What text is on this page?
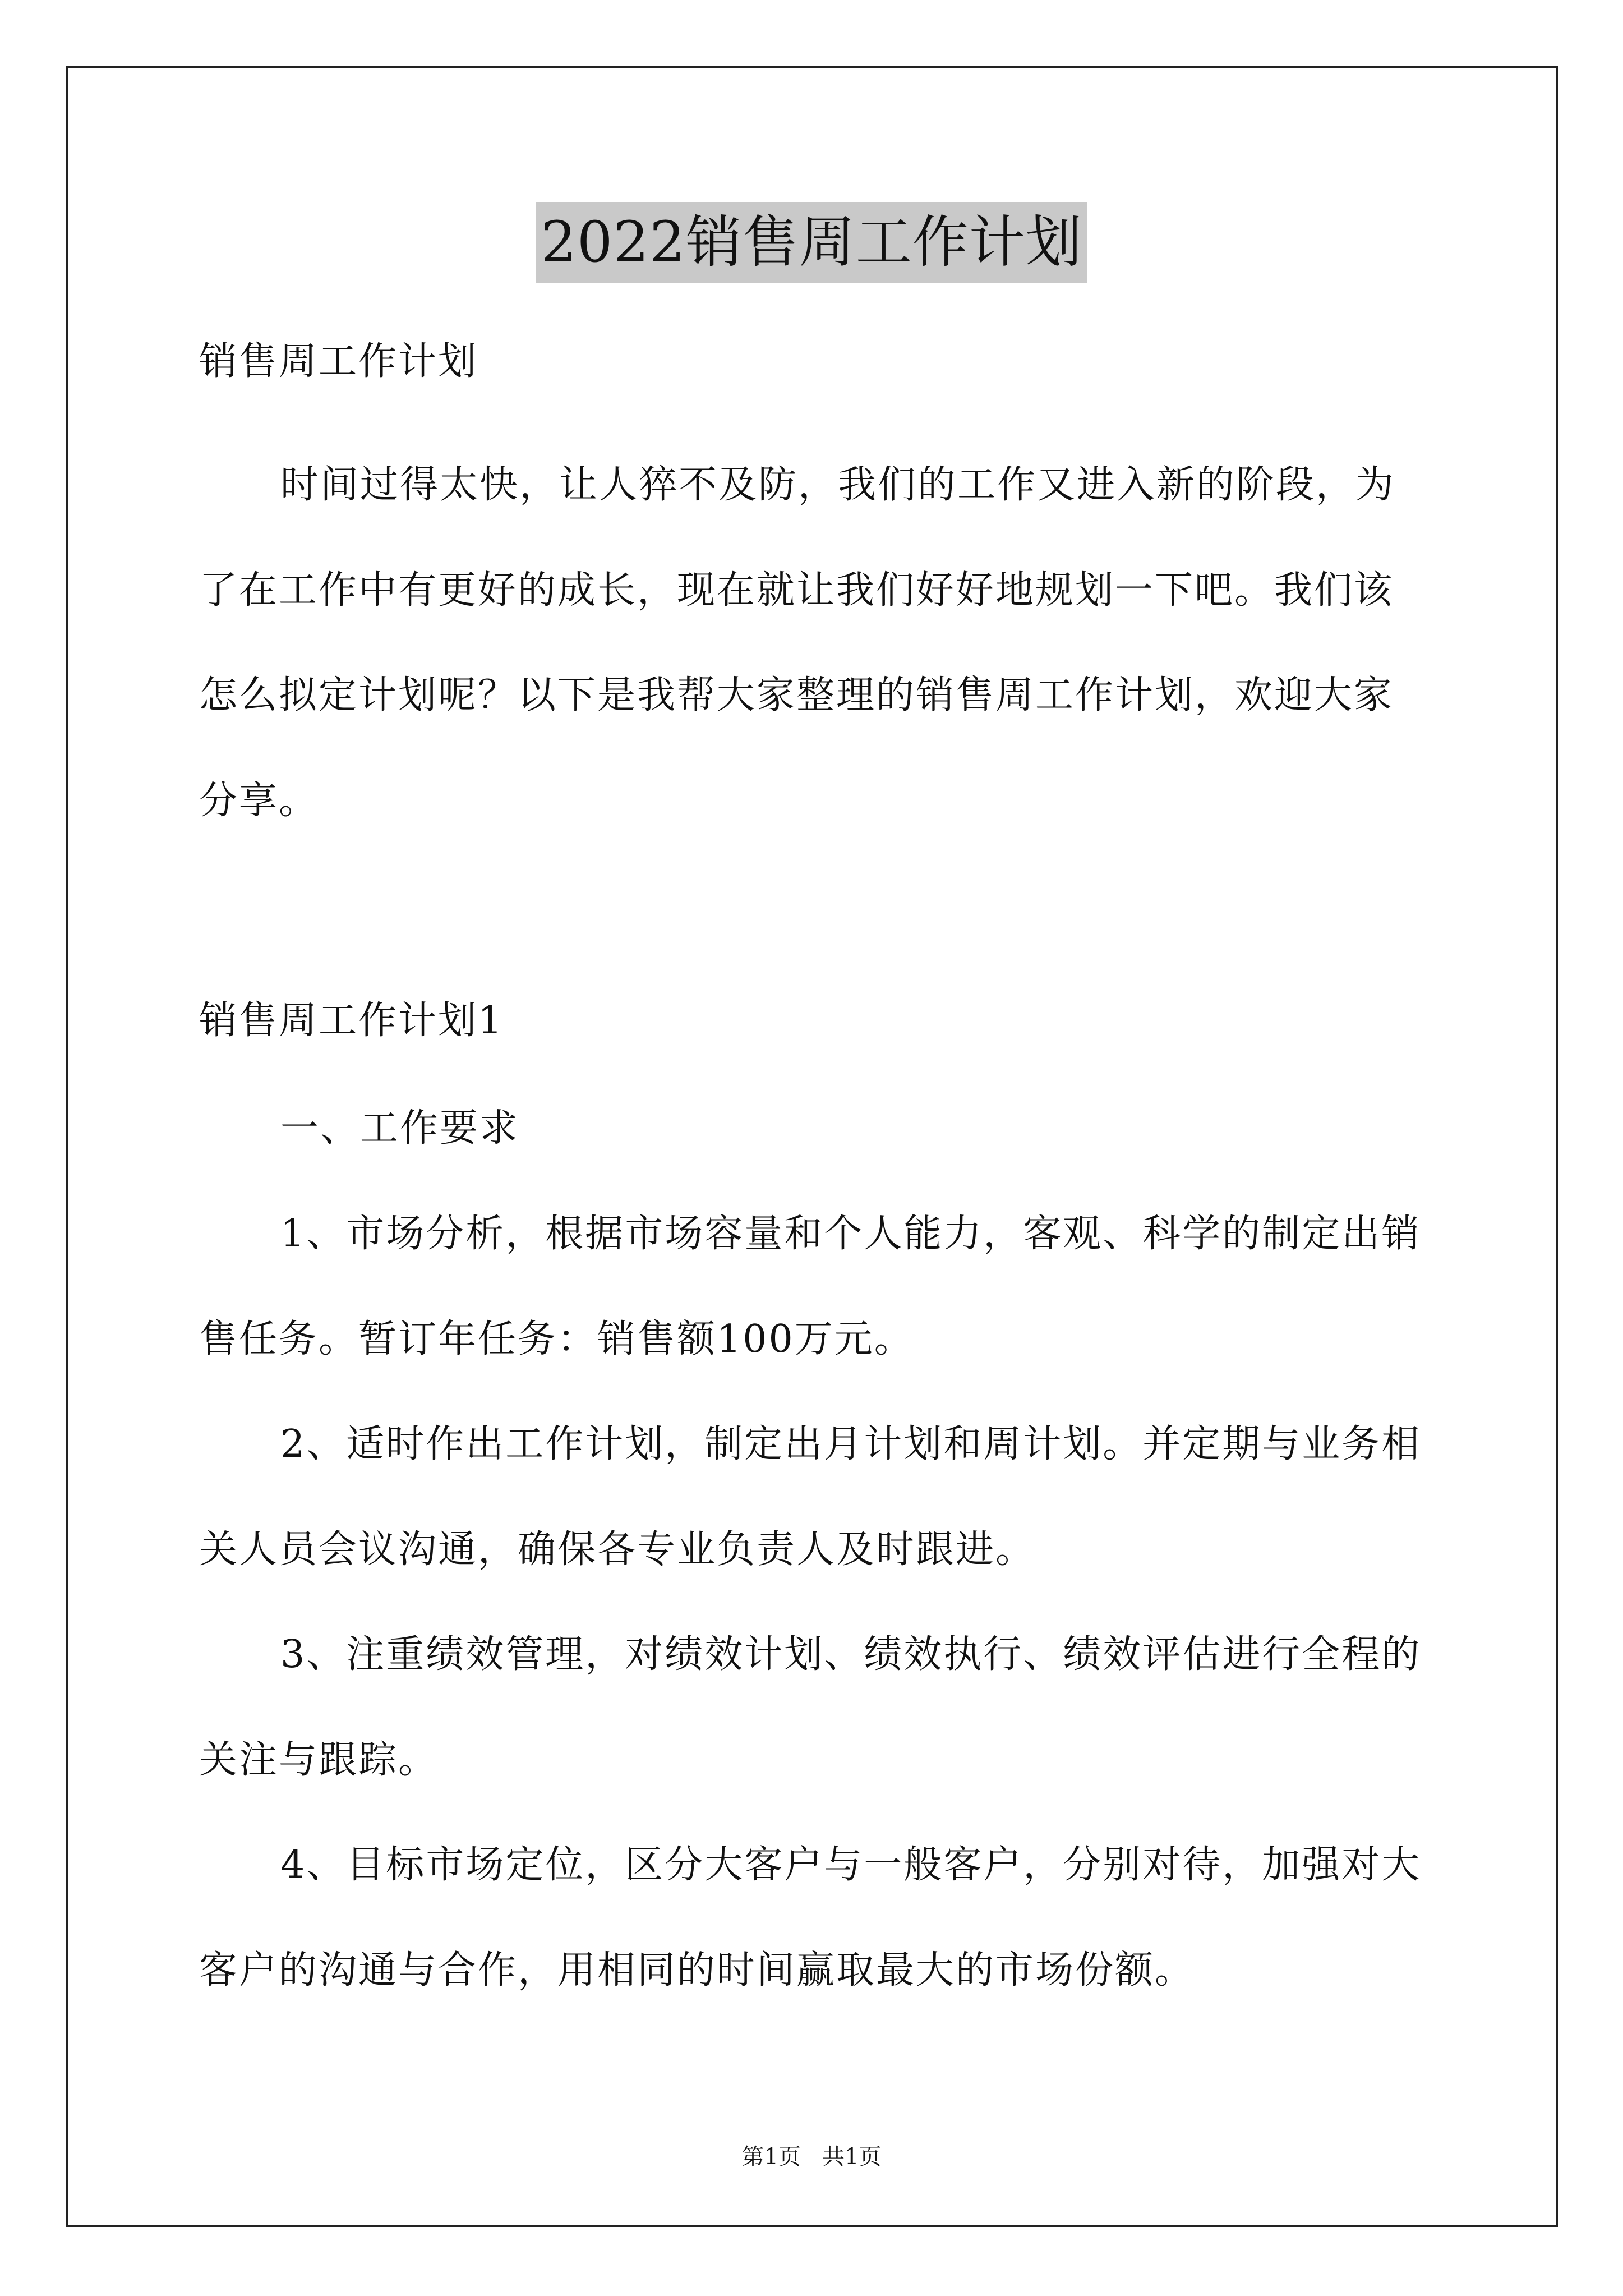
2022销售周工作计划
销售周工作计划
时间过得太快，让人猝不及防，我们的工作又进入新的阶段，为
了在工作中有更好的成长，现在就让我们好好地规划一下吧。我们该
怎么拟定计划呢？以下是我帮大家整理的销售周工作计划，欢迎大家
分享。
销售周工作计划1
一、工作要求
1、市场分析，根据市场容量和个人能力，客观、科学的制定出销
售任务。暂订年任务：销售额100万元。
2、适时作出工作计划，制定出月计划和周计划。并定期与业务相
关人员会议沟通，确保各专业负责人及时跟进。
3、注重绩效管理，对绩效计划、绩效执行、绩效评估进行全程的
关注与跟踪。
4、目标市场定位，区分大客户与一般客户，分别对待，加强对大
客户的沟通与合作，用相同的时间赢取最大的市场份额。
第1页   共1页
